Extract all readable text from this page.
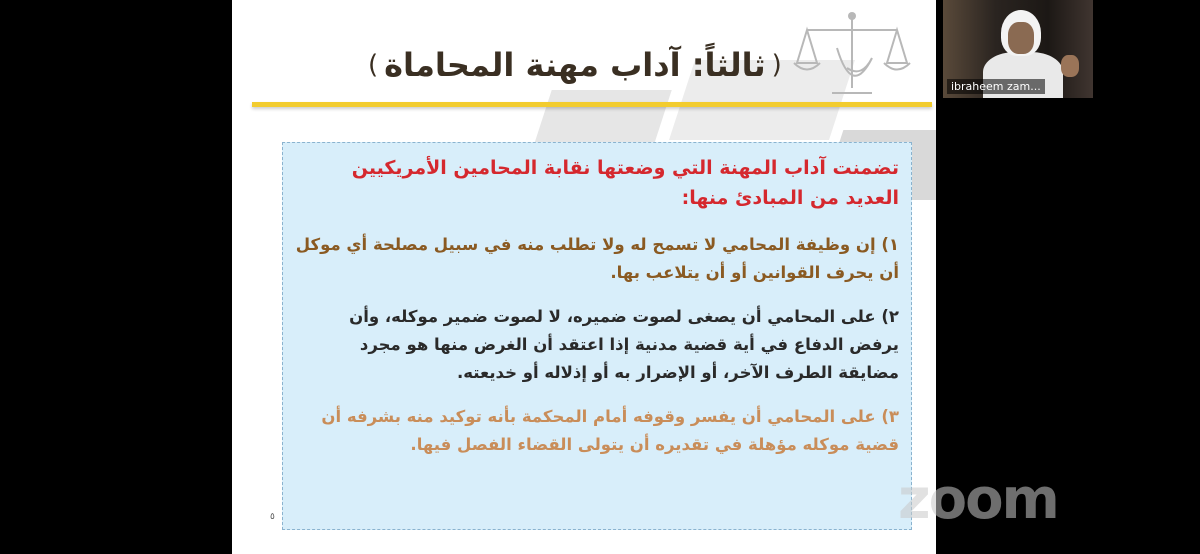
(
ثالثاً: آداب مهنة المحاماة
)
تضمنت آداب المهنة التي وضعتها نقابة المحامين الأمريكيين العديد من المبادئ منها:
١) إن وظيفة المحامي لا تسمح له ولا تطلب منه في سبيل مصلحة أي موكل أن يحرف القوانين أو أن يتلاعب بها.
٢) على المحامي أن يصغى لصوت ضميره، لا لصوت ضمير موكله، وأن يرفض الدفاع في أية قضية مدنية إذا اعتقد أن الغرض منها هو مجرد مضايقة الطرف الآخر، أو الإضرار به أو إذلاله أو خديعته.
٣) على المحامي أن يفسر وقوفه أمام المحكمة بأنه توكيد منه بشرفه أن قضية موكله مؤهلة في تقديره أن يتولى القضاء الفصل فيها.
٥
ibraheem zam...
zoom
